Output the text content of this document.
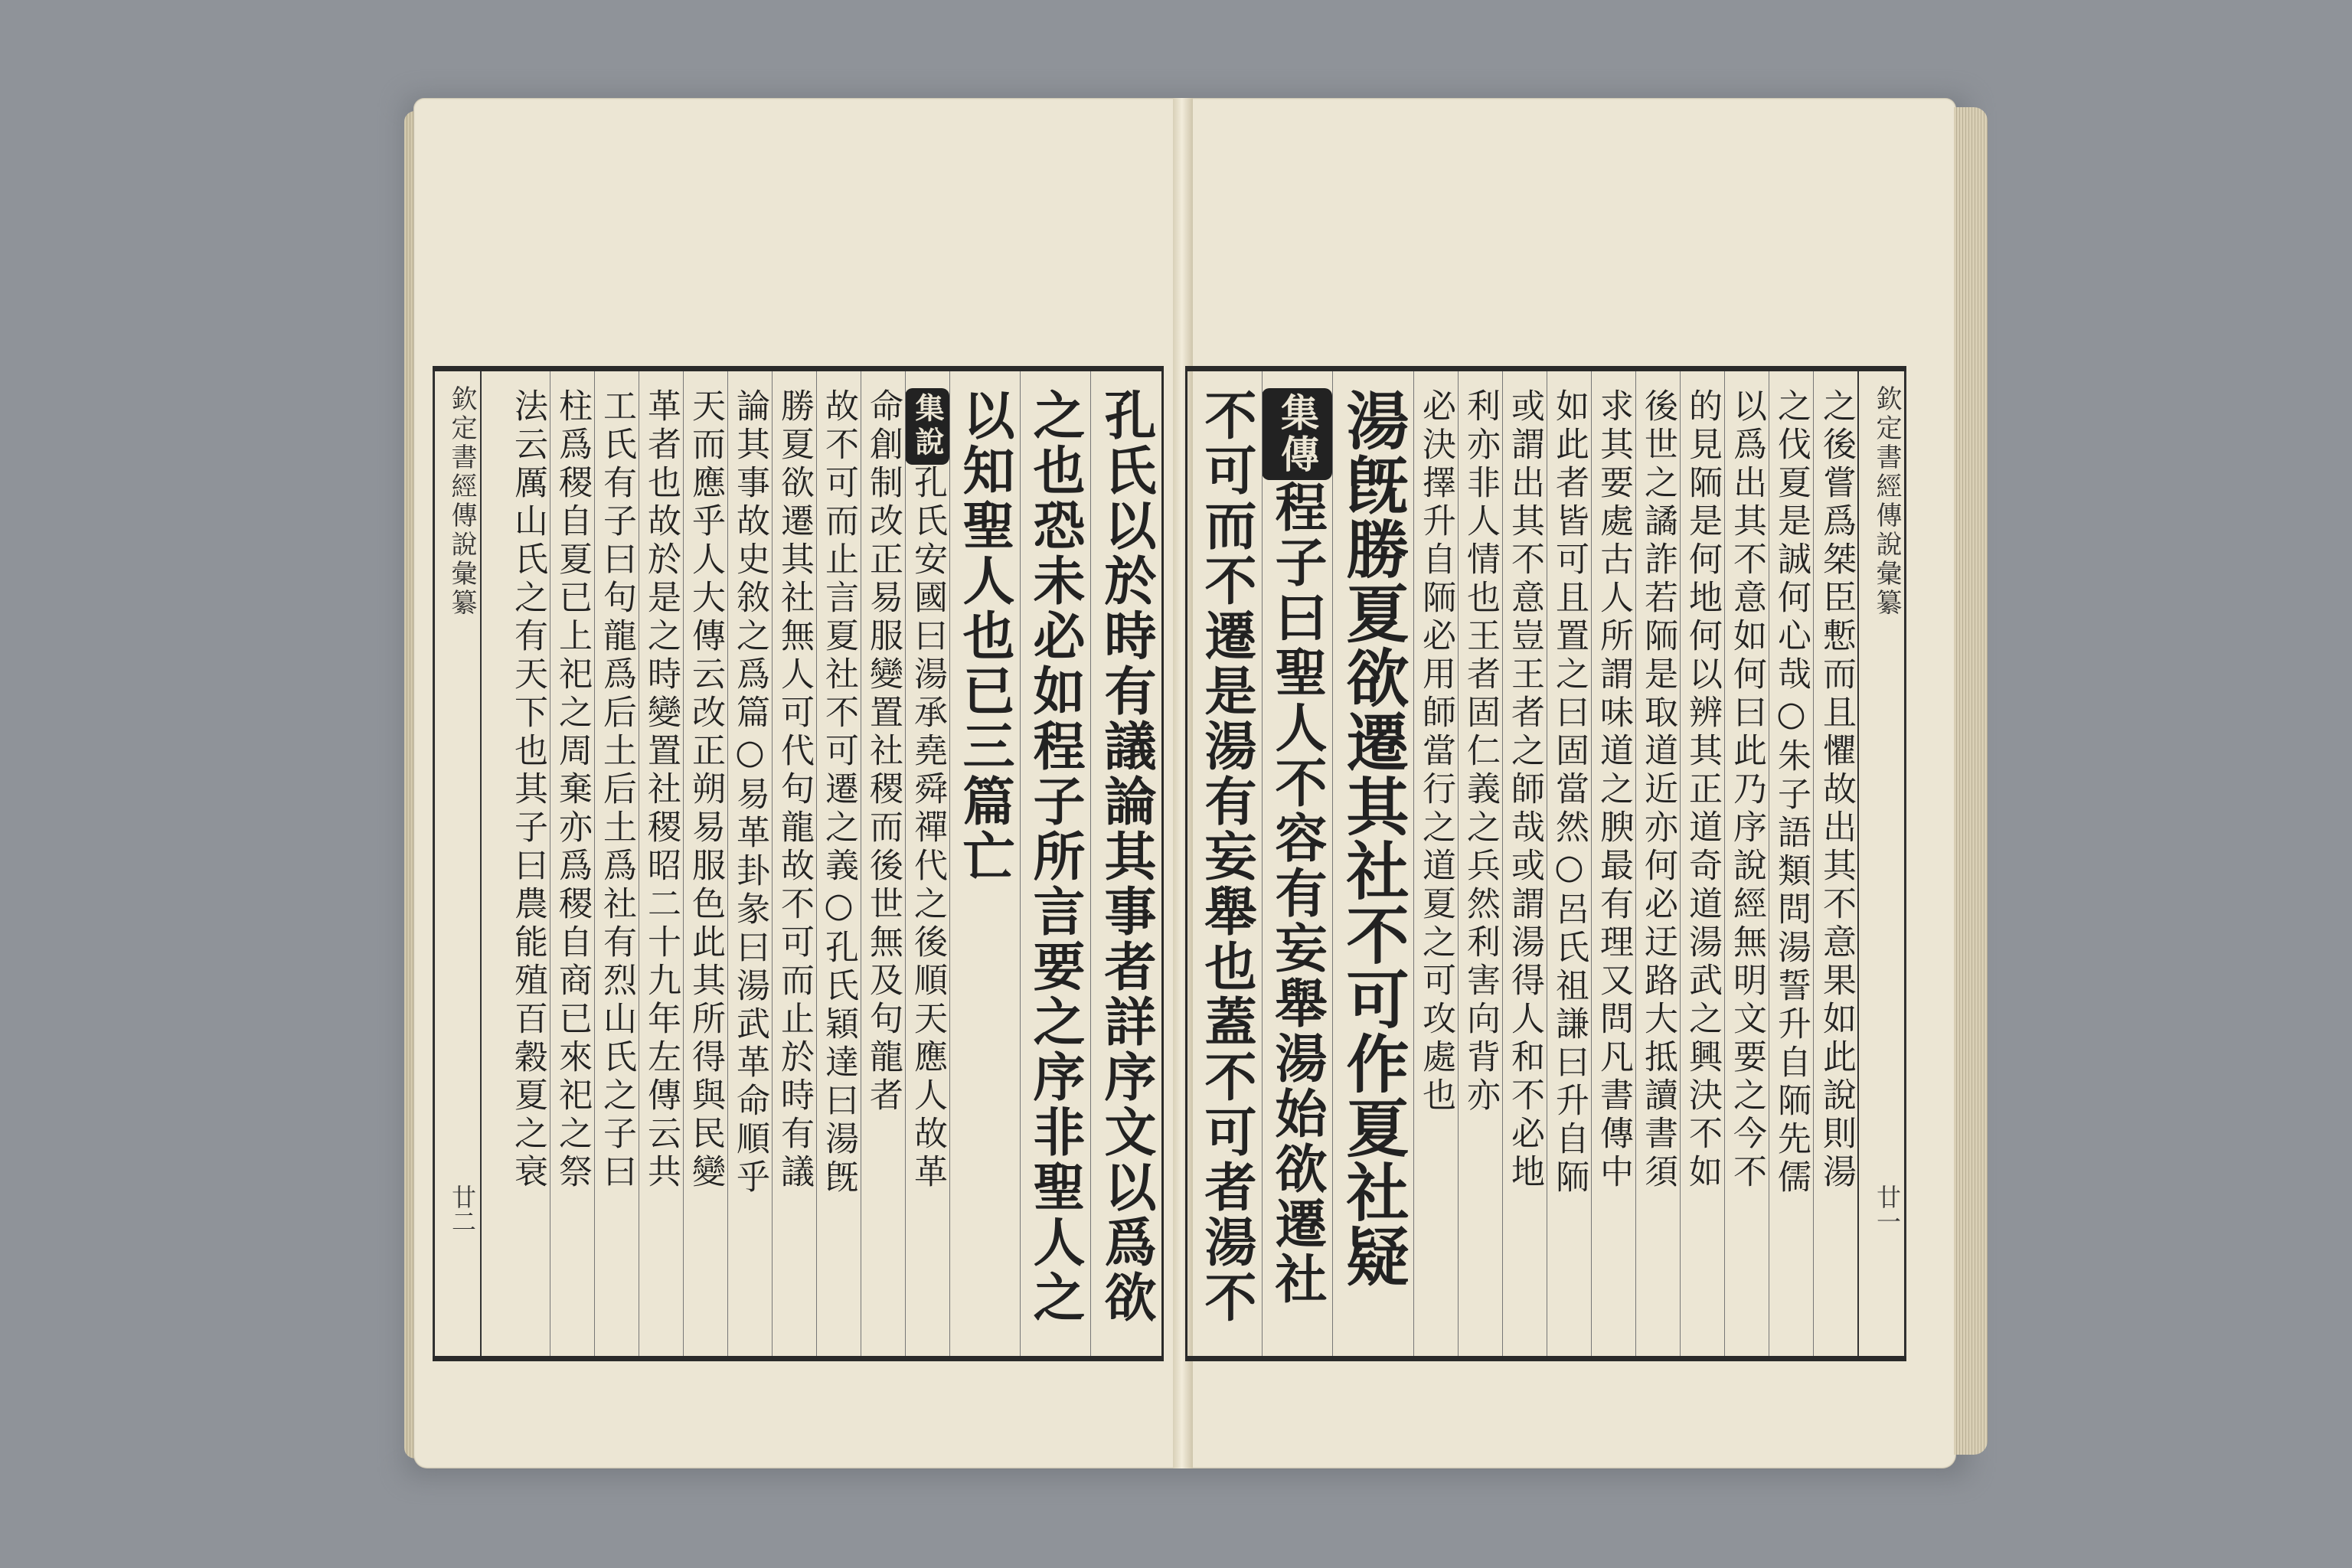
欽定書經傳說彙纂
廿二
孔氏以於時有議論其事者詳序文以爲欲
之也恐未必如程子所言要之序非聖人之
以知聖人也已三篇亡
集說孔氏安國曰湯承堯舜禪代之後順天應人故革
命創制改正易服變置社稷而後世無及句龍者
故不可而止言夏社不可遷之義○孔氏穎達曰湯旣
勝夏欲遷其社無人可代句龍故不可而止於時有議
論其事故史敘之爲篇○易革卦彖曰湯武革命順乎
天而應乎人大傳云改正朔易服色此其所得與民變
革者也故於是之時變置社稷昭二十九年左傳云共
工氏有子曰句龍爲后土后土爲社有烈山氏之子曰
柱爲稷自夏已上祀之周棄亦爲稷自商已來祀之祭
法云厲山氏之有天下也其子曰農能殖百穀夏之衰	欽定書經傳說彙纂
廿一
之後嘗爲桀臣慙而且懼故出其不意果如此說則湯
之伐夏是誠何心哉○朱子語類問湯誓升自陑先儒
以爲出其不意如何曰此乃序說經無明文要之今不
的見陑是何地何以辨其正道奇道湯武之興決不如
後世之譎詐若陑是取道近亦何必迂路大抵讀書須
求其要處古人所謂味道之腴最有理又問凡書傳中
如此者皆可且置之曰固當然○呂氏祖謙曰升自陑
或謂出其不意豈王者之師哉或謂湯得人和不必地
利亦非人情也王者固仁義之兵然利害向背亦
必決擇升自陑必用師當行之道夏之可攻處也
湯旣勝夏欲遷其社不可作夏社疑
集傳程子曰聖人不容有妄舉湯始欲遷社
不可而不遷是湯有妄舉也蓋不可者湯不
